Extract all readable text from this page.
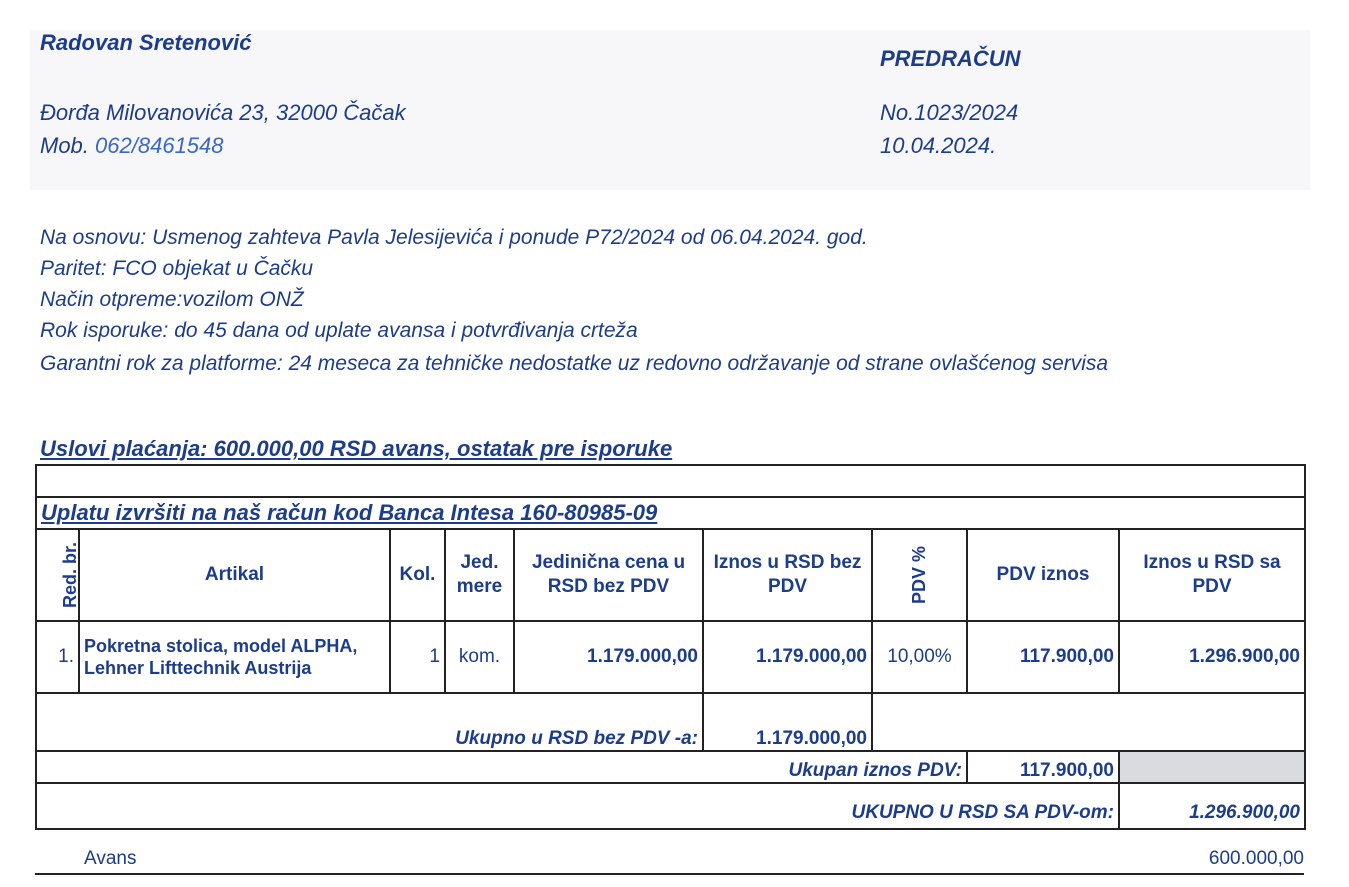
Radovan Sretenović
PREDRAČUN
Đorđa Milovanovića 23, 32000 Čačak
Mob. 062/8461548
No.1023/2024
10.04.2024.
Na osnovu: Usmenog zahteva Pavla Jelesijevića i ponude P72/2024 od 06.04.2024. god.
Paritet: FCO objekat u Čačku
Način otpreme:vozilom ONŽ
Rok isporuke: do 45 dana od uplate avansa i potvrđivanja crteža
Garantni rok za platforme: 24 meseca za tehničke nedostatke uz redovno održavanje od strane ovlašćenog servisa
Uslovi plaćanja: 600.000,00 RSD avans, ostatak pre isporuke

Uplatu izvršiti na naš račun kod Banca Intesa 160-80985-09								
Red. br.	Artikal	Kol.	Jed. mere	Jedinična cena u RSD bez PDV	Iznos u RSD bez PDV	PDV %	PDV iznos	Iznos u RSD sa PDV
1.	Pokretna stolica, model ALPHA, Lehner Lifttechnik Austrija	1	kom.	1.179.000,00	1.179.000,00	10,00%	117.900,00	1.296.900,00
Ukupno u RSD bez PDV -a:					1.179.000,00			
Ukupan iznos PDV:							117.900,00	
UKUPNO U RSD SA PDV-om:								1.296.900,00
Avans	600.000,00
